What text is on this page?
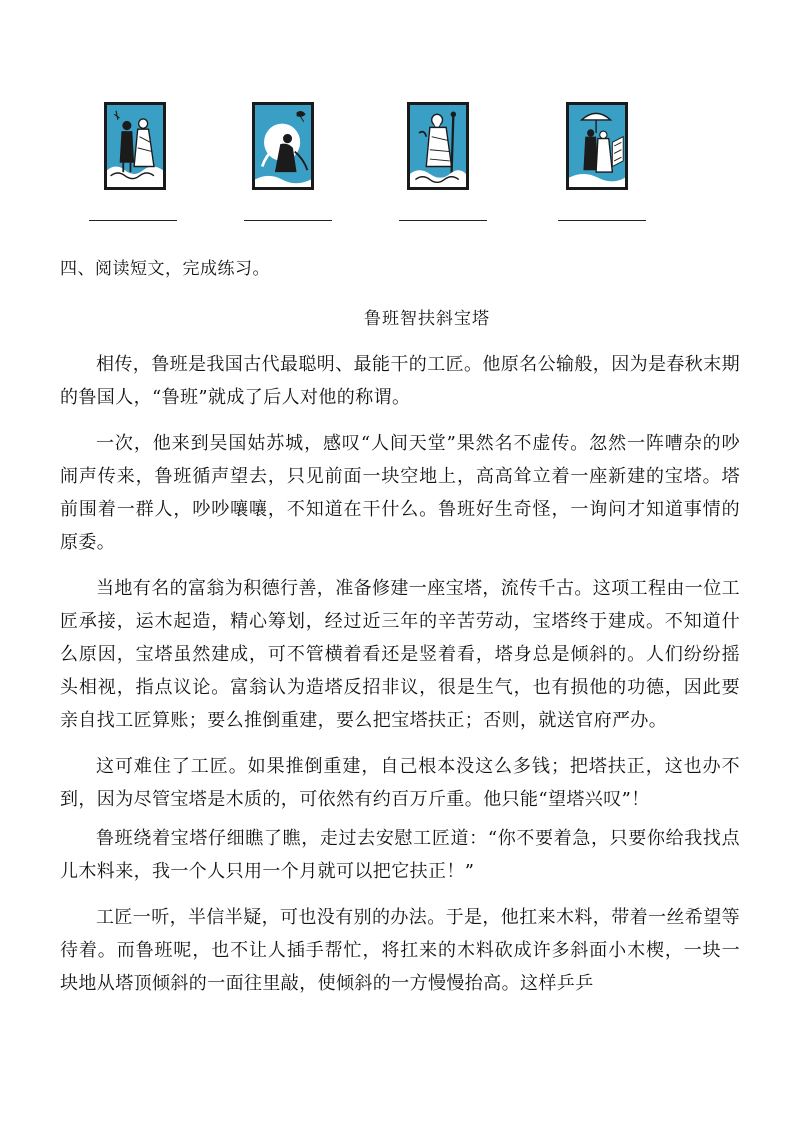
四、阅读短文，完成练习。
鲁班智扶斜宝塔

相传，鲁班是我国古代最聪明、最能干的工匠。他原名公输般，因为是春秋末期的鲁国人，“鲁班”就成了后人对他的称谓。

一次，他来到吴国姑苏城，感叹“人间天堂”果然名不虚传。忽然一阵嘈杂的吵闹声传来，鲁班循声望去，只见前面一块空地上，高高耸立着一座新建的宝塔。塔前围着一群人，吵吵嚷嚷，不知道在干什么。鲁班好生奇怪，一询问才知道事情的原委。

当地有名的富翁为积德行善，准备修建一座宝塔，流传千古。这项工程由一位工匠承接，运木起造，精心筹划，经过近三年的辛苦劳动，宝塔终于建成。不知道什么原因，宝塔虽然建成，可不管横着看还是竖着看，塔身总是倾斜的。人们纷纷摇头相视，指点议论。富翁认为造塔反招非议，很是生气，也有损他的功德，因此要亲自找工匠算账；要么推倒重建，要么把宝塔扶正；否则，就送官府严办。

这可难住了工匠。如果推倒重建，自己根本没这么多钱；把塔扶正，这也办不到，因为尽管宝塔是木质的，可依然有约百万斤重。他只能“望塔兴叹”！

鲁班绕着宝塔仔细瞧了瞧，走过去安慰工匠道：“你不要着急，只要你给我找点儿木料来，我一个人只用一个月就可以把它扶正！”

工匠一听，半信半疑，可也没有别的办法。于是，他扛来木料，带着一丝希望等待着。而鲁班呢，也不让人插手帮忙，将扛来的木料砍成许多斜面小木楔，一块一块地从塔顶倾斜的一面往里敲，使倾斜的一方慢慢抬高。这样乒乒
